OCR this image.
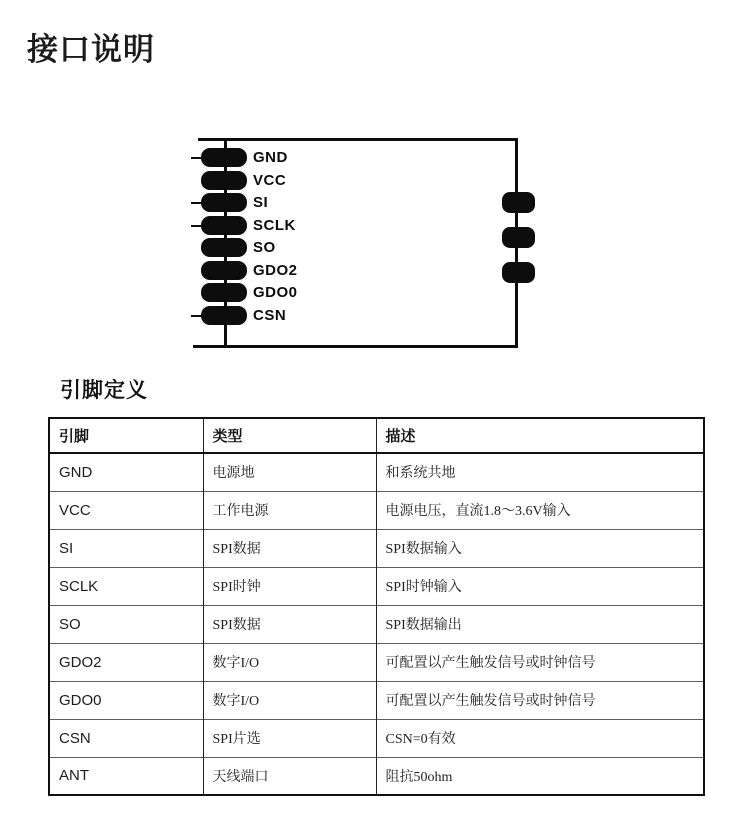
接口说明
GND
VCC
SI
SCLK
SO
GDO2
GDO0
CSN
引脚定义
引脚	类型	描述
GND	电源地	和系统共地
VCC	工作电源	电源电压，直流1.8～3.6V输入
SI	SPI数据	SPI数据输入
SCLK	SPI时钟	SPI时钟输入
SO	SPI数据	SPI数据输出
GDO2	数字I/O	可配置以产生触发信号或时钟信号
GDO0	数字I/O	可配置以产生触发信号或时钟信号
CSN	SPI片选	CSN=0有效
ANT	天线端口	阻抗50ohm
